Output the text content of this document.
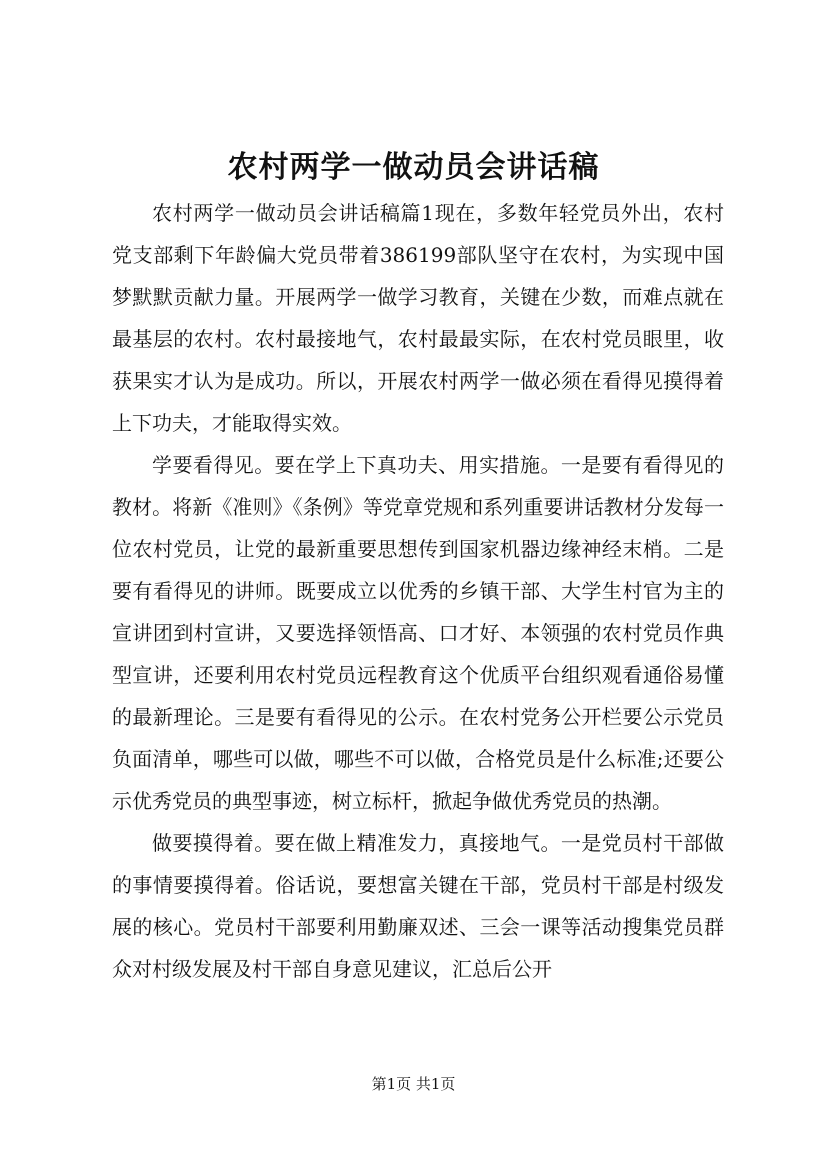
农村两学一做动员会讲话稿

农村两学一做动员会讲话稿篇1现在，多数年轻党员外出，农村党支部剩下年龄偏大党员带着386199部队坚守在农村，为实现中国梦默默贡献力量。开展两学一做学习教育，关键在少数，而难点就在最基层的农村。农村最接地气，农村最最实际，在农村党员眼里，收获果实才认为是成功。所以，开展农村两学一做必须在看得见摸得着上下功夫，才能取得实效。

学要看得见。要在学上下真功夫、用实措施。一是要有看得见的教材。将新《准则》《条例》等党章党规和系列重要讲话教材分发每一位农村党员，让党的最新重要思想传到国家机器边缘神经末梢。二是要有看得见的讲师。既要成立以优秀的乡镇干部、大学生村官为主的宣讲团到村宣讲，又要选择领悟高、口才好、本领强的农村党员作典型宣讲，还要利用农村党员远程教育这个优质平台组织观看通俗易懂的最新理论。三是要有看得见的公示。在农村党务公开栏要公示党员负面清单，哪些可以做，哪些不可以做，合格党员是什么标准;还要公示优秀党员的典型事迹，树立标杆，掀起争做优秀党员的热潮。

做要摸得着。要在做上精准发力，真接地气。一是党员村干部做的事情要摸得着。俗话说，要想富关键在干部，党员村干部是村级发展的核心。党员村干部要利用勤廉双述、三会一课等活动搜集党员群众对村级发展及村干部自身意见建议，汇总后公开

第1页 共1页
